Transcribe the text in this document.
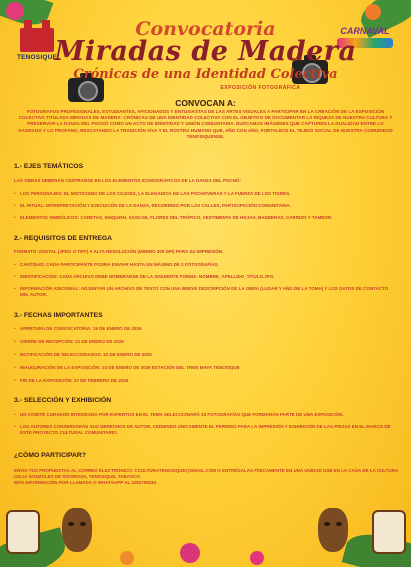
TENOSIQUE
CARNAVAL
Convocatoria
Miradas de Madera
Crónicas de una Identidad Colectiva
EXPOSICIÓN FOTOGRÁFICA
CONVOCAN A:
FOTOGRAFOS PROFESIONALES, ESTUDIANTES, AFICIONADOS Y ENTUSIASTAS DE LAS ARTES VISUALES A PARTICIPAR EN LA CREACIÓN DE LA EXPOSICIÓN COLECTIVA TITULADA MIRADAS DE MADERA: CRÓNICAS DE UNA IDENTIDAD COLECTIVA CON EL OBJETIVO DE DOCUMENTAR LA RIQUEZA DE NUESTRA CULTURA Y PRESERVAR LA DANZA DEL POCHÓ COMO UN ACTO DE IDENTIDAD Y UNIÓN COMUNITARIA. BUSCAMOS IMÁGENES QUE CAPTUREN LA DUALIDAD ENTRE LO SAGRADO Y LO PROFANO, RESCATANDO LA TRADICIÓN VIVA Y EL ROSTRO HUMANO QUE, AÑO CON AÑO, FORTALECE EL TEJIDO SOCIAL DE NUESTRA COMUNIDAD TENOSIQUENSE.
1.- EJES TEMÁTICOS
LAS OBRAS DEBERÁN CENTRARSE EN LOS ELEMENTOS ICONOGRÁFICOS DE LA DANZA DEL POCHÓ:
• LOS PERSONAJES: EL MISTICISMO DE LOS COJÓES, LA ELEGANCIA DE LAS POCHOVERAS Y LA FUERZA DE LOS TIGRES.
• EL RITUAL: INTERPRETACIÓN Y EJECUCIÓN DE LA DANZA, RECORRIDO POR LAS CALLES, PARTICIPACIÓN COMUNITARIA.
• ELEMENTOS SIMBÓLICOS: CARETAS, SHIQUISH, SASCAB, FLORES DEL TRÓPICO, VESTIMENTA DE HOJAS, BANDERAS, CARRIZO Y TAMBOR.
2.- REQUISITOS DE ENTREGA
FORMATO: DIGITAL (JPEG O TIFF) A ALTA RESOLUCIÓN (MÍNIMO 300 DPI) PARA SU IMPRESIÓN.
• CANTIDAD: CADA PARTICIPANTE PODRÁ ENVIAR HASTA UN MÁXIMO DE 2 FOTOGRAFÍAS.
• IDENTIFICACIÓN: CADA ARCHIVO DEBE NOMBRARSE DE LA SIGUIENTE FORMA: NOMBRE_APELLIDO_TITULO.JPG.
• INFORMACIÓN ADICIONAL: ADJUNTAR UN ARCHIVO DE TEXTO CON UNA BREVE DESCRIPCIÓN DE LA OBRA (LUGAR Y AÑO DE LA TOMA) Y LOS DATOS DE CONTACTO DEL AUTOR.
3.- FECHAS IMPORTANTES
• APERTURA DE CONVOCATORIA: 19 DE ENERO DE 2026
• CIERRE DE RECEPCIÓN: 21 DE ENERO DE 2026
• NOTIFICACIÓN DE SELECCIONADOS: 22 DE ENERO DE 2026
• INAUGURACIÓN DE LA EXPOSICIÓN: 24 DE ENERO DE 2026 ESTACIÓN DEL TREN MAYA TENOSIQUE
• FIN DE LA EXPOSICIÓN: 27 DE FEBRERO DE 2026
3.- SELECCIÓN Y EXHIBICIÓN
• UN COMITÉ CURADOR INTEGRADO POR EXPERTOS EN EL TEMA SELECCIONARÁ 23 FOTOGRAFÍAS QUE FORMARÁN PARTE DE UNA EXPOSICIÓN.
• LOS AUTORES CONSERVARÁN SUS DERECHOS DE AUTOR, CEDIENDO ÚNICAMENTE EL PERMISO PARA LA IMPRESIÓN Y EXHIBICIÓN DE LAS PIEZAS EN EL MARCO DE ESTE PROYECTO CULTURAL COMUNITARIO.
¿CÓMO PARTICIPAR?
ENVÍA TUS PROPUESTAS AL CORREO ELECTRÓNICO: CCULTURATENOSIQUE@GMAIL.COM O ENTRÉGALAS FÍSICAMENTE EN UNA UNIDAD USB EN LA CASA DE LA CULTURA CELIA GONZÁLES DE ROVIROSA, TENOSIQUE, TABASCO.
MÁS INFORMACIÓN POR LLAMADA O WHATSAPP AL 2281795284
